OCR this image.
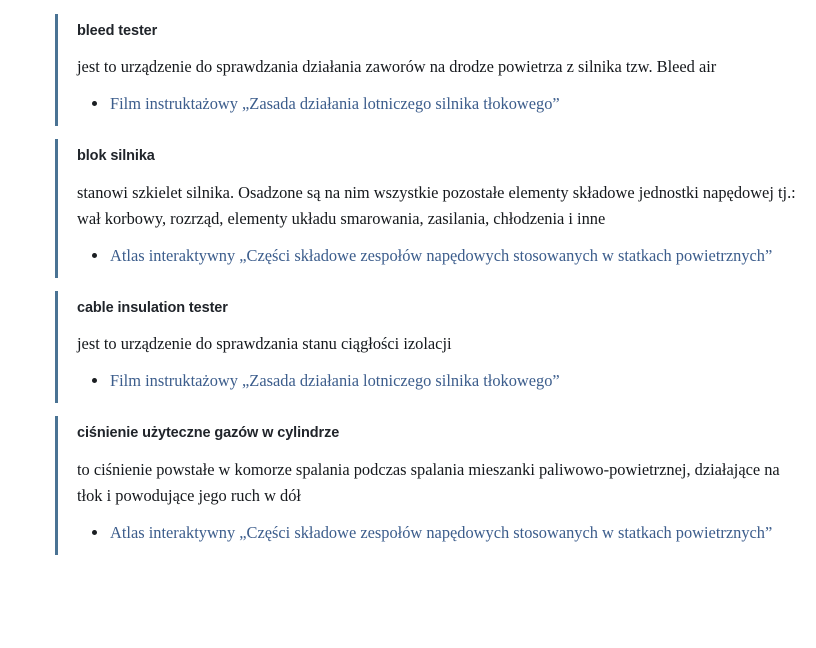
bleed tester
jest to urządzenie do sprawdzania działania zaworów na drodze powietrza z silnika tzw. Bleed air
Film instruktażowy „Zasada działania lotniczego silnika tłokowego”
blok silnika
stanowi szkielet silnika. Osadzone są na nim wszystkie pozostałe elementy składowe jednostki napędowej tj.: wał korbowy, rozrząd, elementy układu smarowania, zasilania, chłodzenia i inne
Atlas interaktywny „Części składowe zespołów napędowych stosowanych w statkach powietrznych”
cable insulation tester
jest to urządzenie do sprawdzania stanu ciągłości izolacji
Film instruktażowy „Zasada działania lotniczego silnika tłokowego”
ciśnienie użyteczne gazów w cylindrze
to ciśnienie powstałe w komorze spalania podczas spalania mieszanki paliwowo-powietrznej, działające na tłok i powodujące jego ruch w dół
Atlas interaktywny „Części składowe zespołów napędowych stosowanych w statkach powietrznych”
